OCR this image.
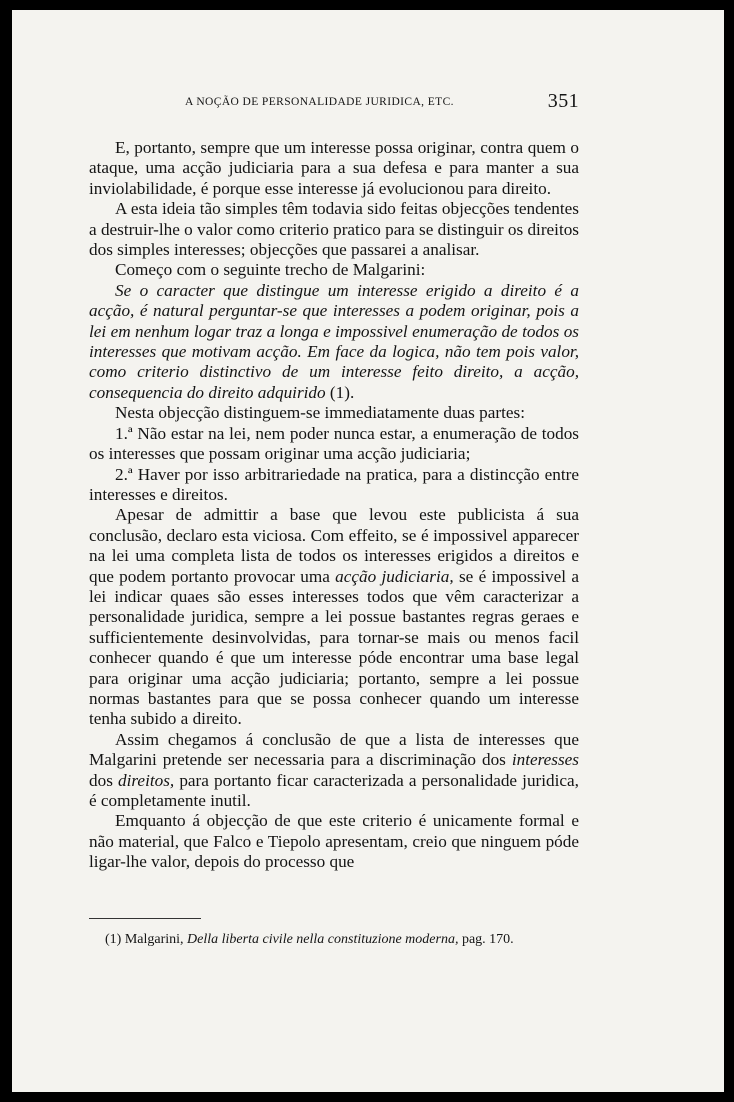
A NOÇÃO DE PERSONALIDADE JURIDICA, ETC.	351

E, portanto, sempre que um interesse possa originar, contra quem o ataque, uma acção judiciaria para a sua defesa e para manter a sua inviolabilidade, é porque esse interesse já evolucionou para direito.

A esta ideia tão simples têm todavia sido feitas objecções tendentes a destruir-lhe o valor como criterio pratico para se distinguir os direitos dos simples interesses; objecções que passarei a analisar.

Começo com o seguinte trecho de Malgarini:

Se o caracter que distingue um interesse erigido a direito é a acção, é natural perguntar-se que interesses a podem originar, pois a lei em nenhum logar traz a longa e impossivel enumeração de todos os interesses que motivam acção. Em face da logica, não tem pois valor, como criterio distinctivo de um interesse feito direito, a acção, consequencia do direito adquirido (1).

Nesta objecção distinguem-se immediatamente duas partes:

1.ª Não estar na lei, nem poder nunca estar, a enumeração de todos os interesses que possam originar uma acção judiciaria;

2.ª Haver por isso arbitrariedade na pratica, para a distincção entre interesses e direitos.

Apesar de admittir a base que levou este publicista á sua conclusão, declaro esta viciosa. Com effeito, se é impossivel apparecer na lei uma completa lista de todos os interesses erigidos a direitos e que podem portanto provocar uma acção judiciaria, se é impossivel a lei indicar quaes são esses interesses todos que vêm caracterizar a personalidade juridica, sempre a lei possue bastantes regras geraes e sufficientemente desinvolvidas, para tornar-se mais ou menos facil conhecer quando é que um interesse póde encontrar uma base legal para originar uma acção judiciaria; portanto, sempre a lei possue normas bastantes para que se possa conhecer quando um interesse tenha subido a direito.

Assim chegamos á conclusão de que a lista de interesses que Malgarini pretende ser necessaria para a discriminação dos interesses dos direitos, para portanto ficar caracterizada a personalidade juridica, é completamente inutil.

Emquanto á objecção de que este criterio é unicamente formal e não material, que Falco e Tiepolo apresentam, creio que ninguem póde ligar-lhe valor, depois do processo que

(1) Malgarini, Della liberta civile nella constituzione moderna, pag. 170.
